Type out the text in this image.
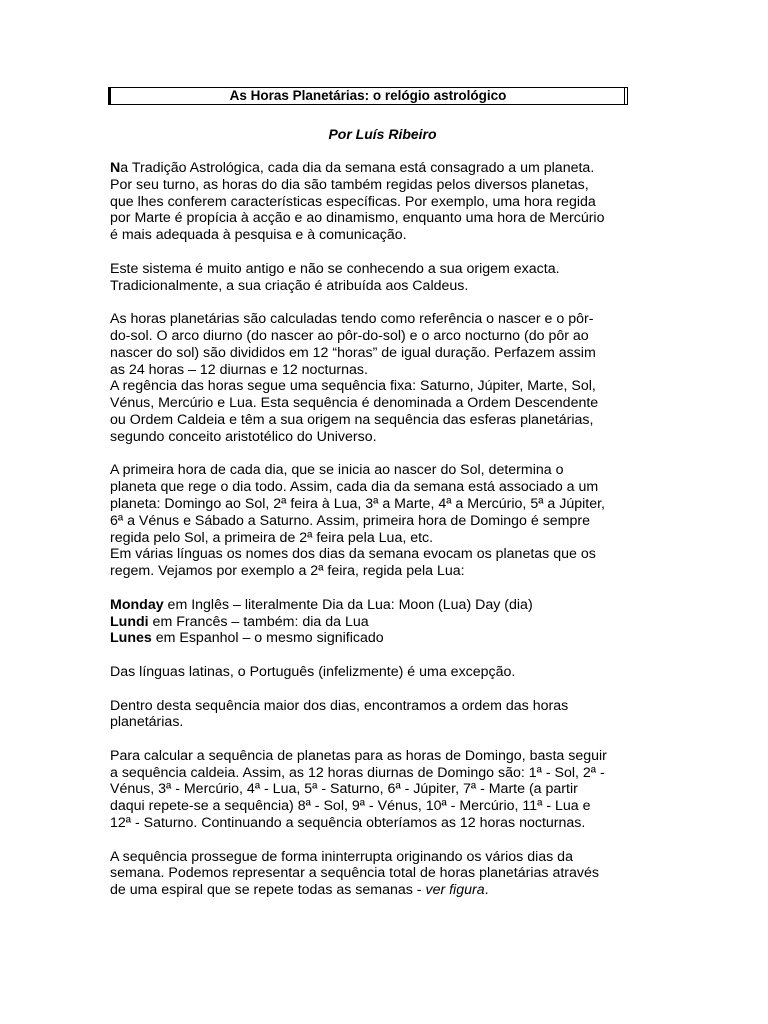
As Horas Planetárias: o relógio astrológico
Por Luís Ribeiro
Na Tradição Astrológica, cada dia da semana está consagrado a um planeta.
Por seu turno, as horas do dia são também regidas pelos diversos planetas,
que lhes conferem características específicas. Por exemplo, uma hora regida
por Marte é propícia à acção e ao dinamismo, enquanto uma hora de Mercúrio
é mais adequada à pesquisa e à comunicação.
Este sistema é muito antigo e não se conhecendo a sua origem exacta.
Tradicionalmente, a sua criação é atribuída aos Caldeus.
As horas planetárias são calculadas tendo como referência o nascer e o pôr-
do-sol. O arco diurno (do nascer ao pôr-do-sol) e o arco nocturno (do pôr ao
nascer do sol) são divididos em 12 “horas” de igual duração. Perfazem assim
as 24 horas – 12 diurnas e 12 nocturnas.
A regência das horas segue uma sequência fixa: Saturno, Júpiter, Marte, Sol,
Vénus, Mercúrio e Lua. Esta sequência é denominada a Ordem Descendente
ou Ordem Caldeia e têm a sua origem na sequência das esferas planetárias,
segundo conceito aristotélico do Universo.
A primeira hora de cada dia, que se inicia ao nascer do Sol, determina o
planeta que rege o dia todo. Assim, cada dia da semana está associado a um
planeta: Domingo ao Sol, 2ª feira à Lua, 3ª a Marte, 4ª a Mercúrio, 5ª a Júpiter,
6ª a Vénus e Sábado a Saturno. Assim, primeira hora de Domingo é sempre
regida pelo Sol, a primeira de 2ª feira pela Lua, etc.
Em várias línguas os nomes dos dias da semana evocam os planetas que os
regem. Vejamos por exemplo a 2ª feira, regida pela Lua:
Monday em Inglês – literalmente Dia da Lua: Moon (Lua) Day (dia)
Lundi em Francês – também: dia da Lua
Lunes em Espanhol – o mesmo significado
Das línguas latinas, o Português (infelizmente) é uma excepção.
Dentro desta sequência maior dos dias, encontramos a ordem das horas
planetárias.
Para calcular a sequência de planetas para as horas de Domingo, basta seguir
a sequência caldeia. Assim, as 12 horas diurnas de Domingo são: 1ª - Sol, 2ª -
Vénus, 3ª - Mercúrio, 4ª - Lua, 5ª - Saturno, 6ª - Júpiter, 7ª - Marte (a partir
daqui repete-se a sequência) 8ª - Sol, 9ª - Vénus, 10ª - Mercúrio, 11ª - Lua e
12ª - Saturno. Continuando a sequência obteríamos as 12 horas nocturnas.
A sequência prossegue de forma ininterrupta originando os vários dias da
semana. Podemos representar a sequência total de horas planetárias através
de uma espiral que se repete todas as semanas - ver figura.
